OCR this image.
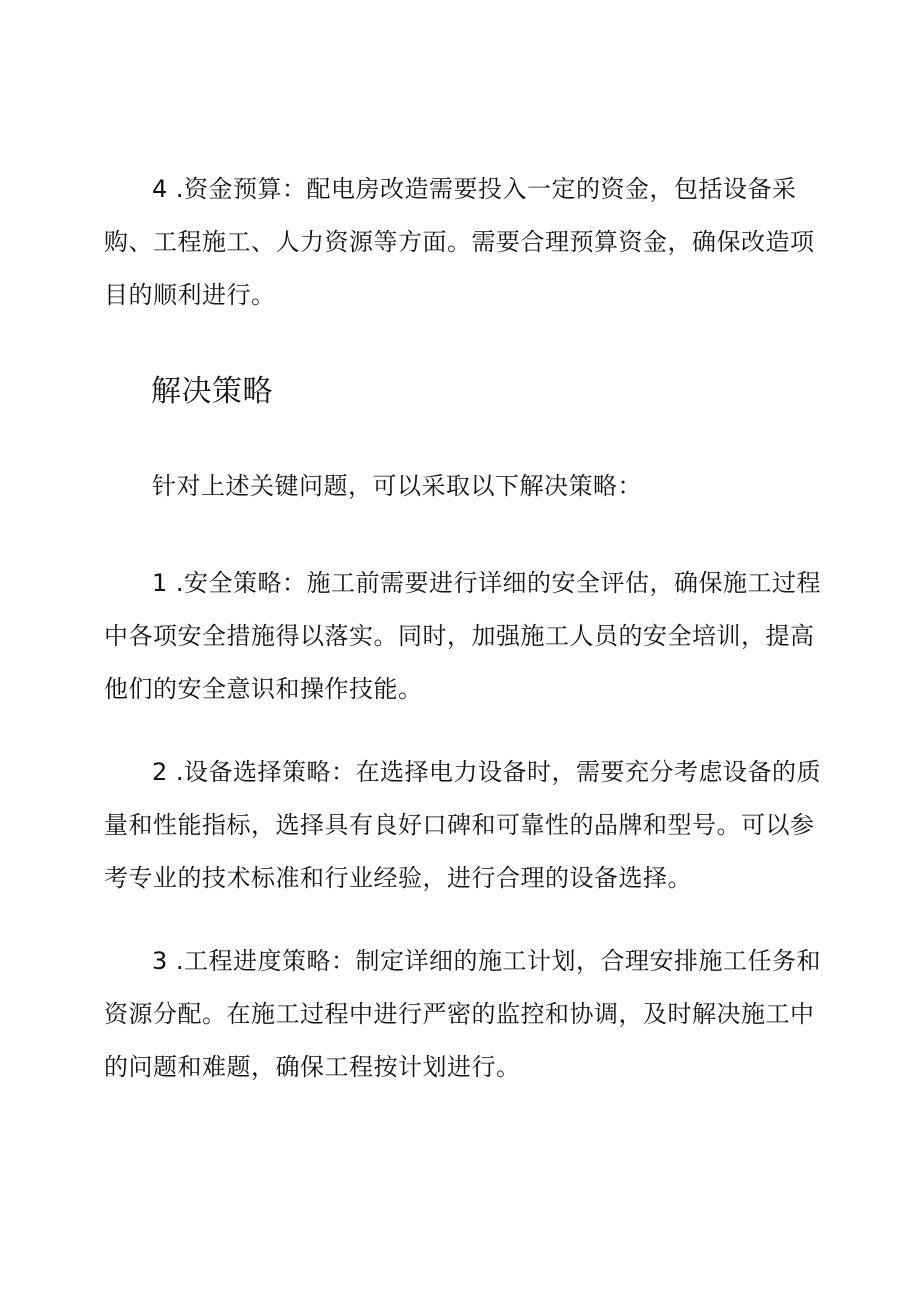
4 .资金预算：配电房改造需要投入一定的资金，包括设备采购、工程施工、人力资源等方面。需要合理预算资金，确保改造项目的顺利进行。

解决策略

针对上述关键问题，可以采取以下解决策略：

1 .安全策略：施工前需要进行详细的安全评估，确保施工过程中各项安全措施得以落实。同时，加强施工人员的安全培训，提高他们的安全意识和操作技能。

2 .设备选择策略：在选择电力设备时，需要充分考虑设备的质量和性能指标，选择具有良好口碑和可靠性的品牌和型号。可以参考专业的技术标准和行业经验，进行合理的设备选择。

3 .工程进度策略：制定详细的施工计划，合理安排施工任务和资源分配。在施工过程中进行严密的监控和协调，及时解决施工中的问题和难题，确保工程按计划进行。
